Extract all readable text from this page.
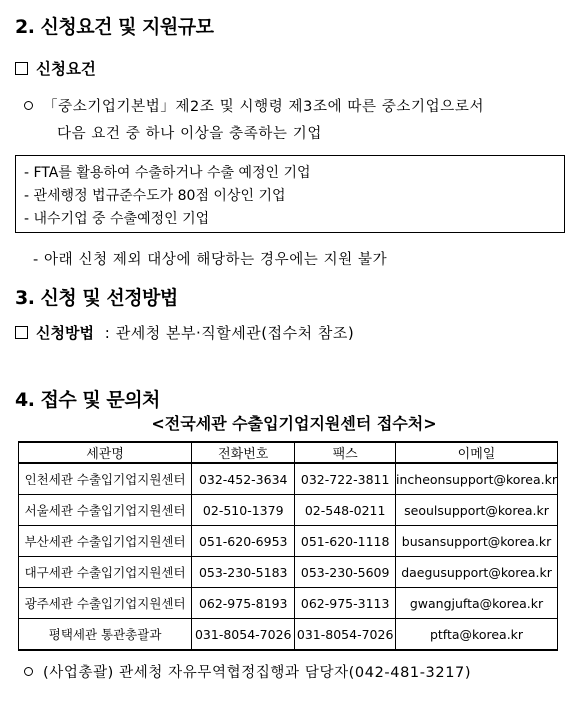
2. 신청요건 및 지원규모
신청요건
「중소기업기본법」제2조 및 시행령 제3조에 따른 중소기업으로서
다음 요건 중 하나 이상을 충족하는 기업
- FTA를 활용하여 수출하거나 수출 예정인 기업
- 관세행정 법규준수도가 80점 이상인 기업
- 내수기업 중 수출예정인 기업
- 아래 신청 제외 대상에 해당하는 경우에는 지원 불가
3. 신청 및 선정방법
신청방법 : 관세청 본부·직할세관(접수처 참조)
4. 접수 및 문의처
<전국세관 수출입기업지원센터 접수처>
세관명	전화번호	팩스	이메일
인천세관 수출입기업지원센터	032-452-3634	032-722-3811	incheonsupport@korea.kr
서울세관 수출입기업지원센터	02-510-1379	02-548-0211	seoulsupport@korea.kr
부산세관 수출입기업지원센터	051-620-6953	051-620-1118	busansupport@korea.kr
대구세관 수출입기업지원센터	053-230-5183	053-230-5609	daegusupport@korea.kr
광주세관 수출입기업지원센터	062-975-8193	062-975-3113	gwangjufta@korea.kr
평택세관 통관총괄과	031-8054-7026	031-8054-7026	ptfta@korea.kr
(사업총괄) 관세청 자유무역협정집행과 담당자(042-481-3217)
